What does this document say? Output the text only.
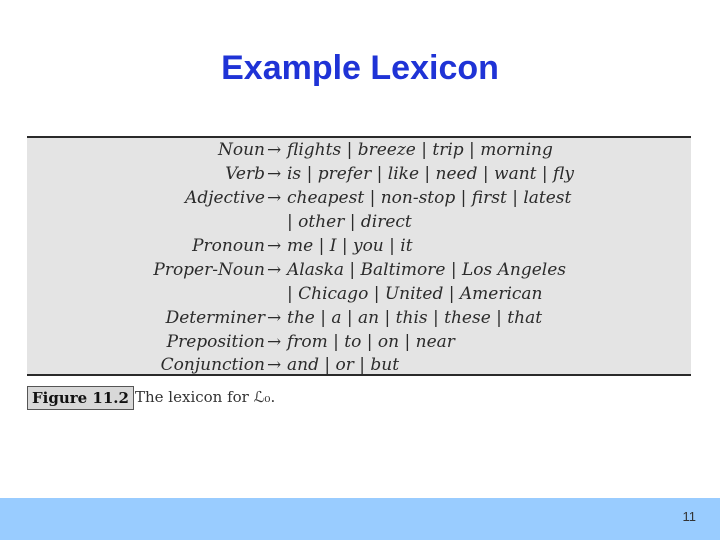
Example Lexicon
Noun → flights | breeze | trip | morning
Verb → is | prefer | like | need | want | fly
Adjective → cheapest | non-stop | first | latest
| other | direct
Pronoun → me | I | you | it
Proper-Noun → Alaska | Baltimore | Los Angeles
| Chicago | United | American
Determiner → the | a | an | this | these | that
Preposition → from | to | on | near
Conjunction → and | or | but
Figure 11.2 The lexicon for ℒ₀.
11
